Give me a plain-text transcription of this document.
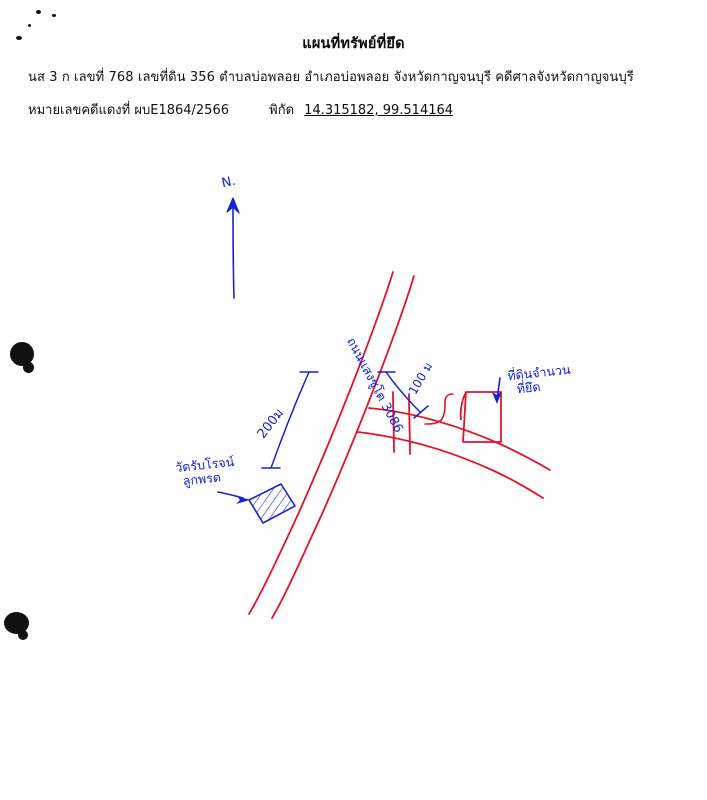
แผนที่ทรัพย์ที่ยึด
นส 3 ก เลขที่ 768 เลขที่ดิน 356 ตำบลบ่อพลอย อำเภอบ่อพลอย จังหวัดกาญจนบุรี คดีศาลจังหวัดกาญจนบุรี
หมายเลขคดีแดงที่ ผบE1864/2566	พิกัด 14.315182, 99.514164
N.
200ม
100 ม
ถนนแสงชูโต 3086	ที่ดินจำนวน
ที่ยึด
วัดรับโรจน์
ลูกพรด
